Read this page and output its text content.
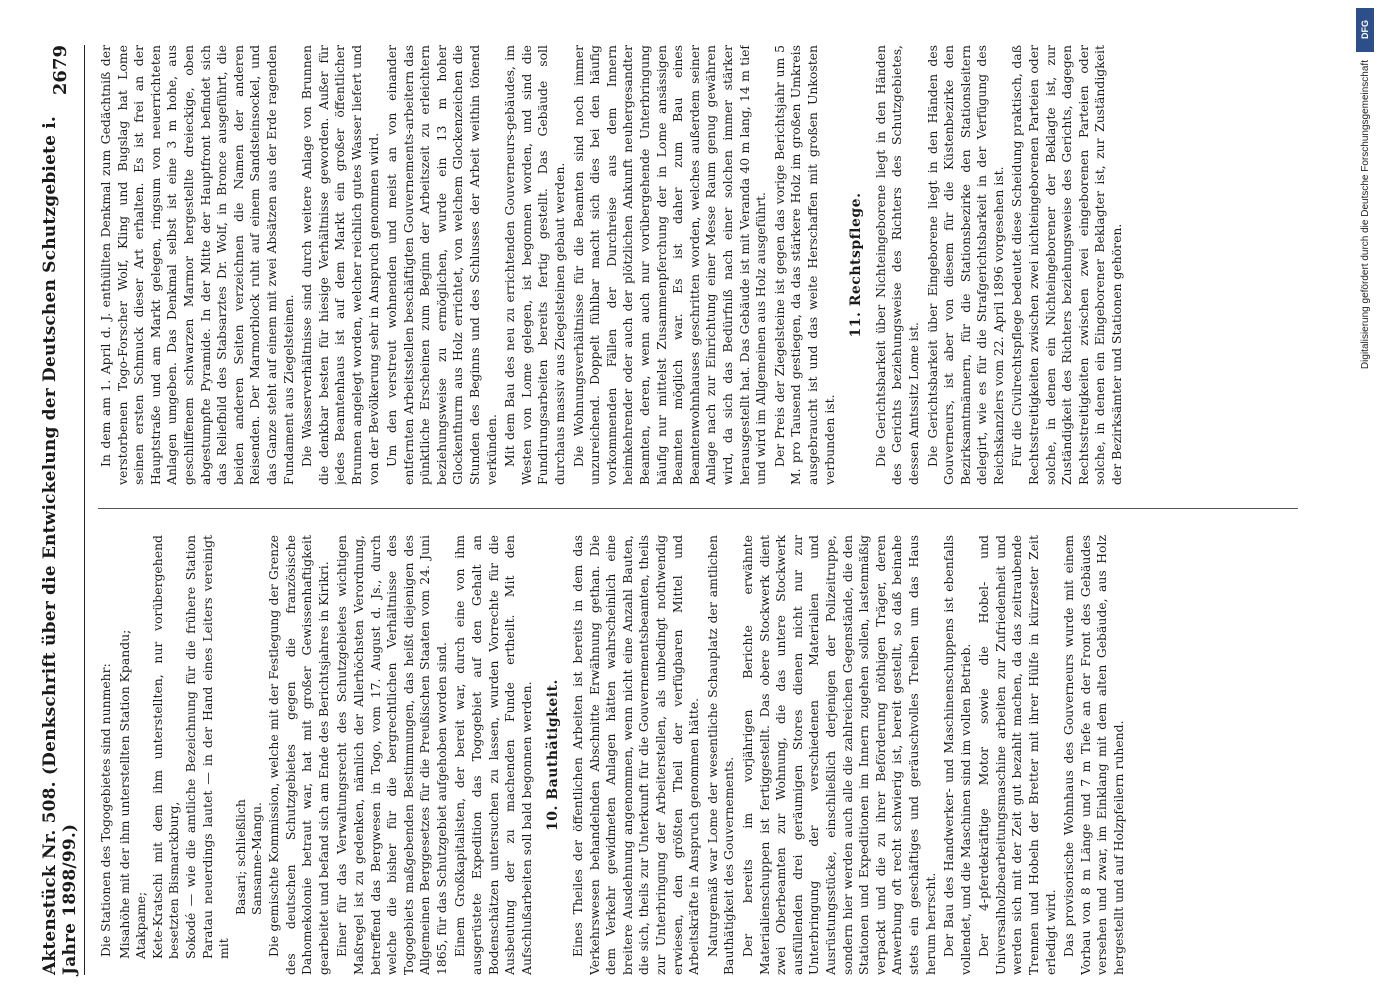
Aktenstück Nr. 508. (Denkschrift über die Entwickelung der Deutschen Schutzgebiete i. Jahre 1898/99.)
2679

Die Stationen des Togogebietes sind nunmehr: Misahöhe mit der ihm unterstellten Station Kpandu; Atakpame; Kete-Kratschi mit dem ihm unterstellten, nur vorübergehend besetzten Bismarckburg, Sokodé — wie die amtliche Bezeichnung für die frühere Station Paratau neuerdings lautet — in der Hand eines Leiters vereinigt mit

Basari; schließlich Sansanne-Mangu. Die gemischte Kommission, welche mit der Festlegung der Grenze des deutschen Schutzgebietes gegen die französische Dahomekolonie betraut war, hat mit großer Gewissenhaftigkeit gearbeitet und befand sich am Ende des Berichtsjahres in Kirikri. Einer für das Verwaltungsrecht des Schutzgebietes wichtigen Maßregel ist zu gedenken, nämlich der Allerhöchsten Verordnung, betreffend das Bergwesen in Togo, vom 17. August d. Js., durch welche die bisher für die bergrechtlichen Verhältnisse des Togogebiets maßgebenden Bestimmungen, das heißt diejenigen des Allgemeinen Berggesetzes für die Preußischen Staaten vom 24. Juni 1865, für das Schutzgebiet aufgehoben worden sind. Einem Großkapitalisten, der bereit war, durch eine von ihm ausgerüstete Expedition das Togogebiet auf den Gehalt an Bodenschätzen untersuchen zu lassen, wurden Vorrechte für die Ausbeutung der zu machenden Funde ertheilt. Mit den Aufschlußarbeiten soll bald begonnen werden. 10. Bauthätigkeit. Eines Theiles der öffentlichen Arbeiten ist bereits in dem das Verkehrswesen behandelnden Abschnitte Erwähnung gethan. Die dem Verkehr gewidmeten Anlagen hätten wahrscheinlich eine breitere Ausdehnung angenommen, wenn nicht eine Anzahl Bauten, die sich, theils zur Unterkunft für die Gouvernementsbeamten, theils zur Unterbringung der Arbeiterstellen, als unbedingt nothwendig erwiesen, den größten Theil der verfügbaren Mittel und Arbeitskräfte in Anspruch genommen hätte. Naturgemäß war Lome der wesentliche Schauplatz der amtlichen Bauthätigkeit des Gouvernements. Der bereits im vorjährigen Berichte erwähnte Materialienschuppen ist fertiggestellt. Das obere Stockwerk dient zwei Oberbeamten zur Wohnung, die das untere Stockwerk ausfüllenden drei geräumigen Stores dienen nicht nur zur Unterbringung der verschiedenen Materialien und Ausrüstungsstücke, einschließlich derjenigen der Polizeitruppe, sondern hier werden auch alle die zahlreichen Gegenstände, die den Stationen und Expeditionen im Innern zugehen sollen, lastenmäßig verpackt und die zu ihrer Beförderung nöthigen Träger, deren Anwerbung oft recht schwierig ist, bereit gestellt, so daß beinahe stets ein geschäftiges und geräuschvolles Treiben um das Haus herum herrscht. Der Bau des Handwerker- und Maschinenschuppens ist ebenfalls vollendet, und die Maschinen sind im vollen Betrieb. Der 4-pferdekräftige Motor sowie die Hobel- und Universalholzbearbeitungsmaschine arbeiten zur Zufriedenheit und werden sich mit der Zeit gut bezahlt machen, da das zeitraubende Trennen und Hobeln der Bretter mit ihrer Hülfe in kürzester Zeit erledigt wird. Das provisorische Wohnhaus des Gouverneurs wurde mit einem Vorbau von 8 m Länge und 7 m Tiefe an der Front des Gebäudes versehen und zwar, im Einklang mit dem alten Gebäude, aus Holz hergestellt und auf Holzpfeilern ruhend.

In dem am 1. April d. J. enthüllten Denkmal zum Gedächtniß der verstorbenen Togo-Forscher Wolf, Kling und Bugslag hat Lome seinen ersten Schmuck dieser Art erhalten. Es ist frei an der Hauptstraße und am Markt gelegen, ringsum von neuerrichteten Anlagen umgeben. Das Denkmal selbst ist eine 3 m hohe, aus geschliffenem schwarzen Marmor hergestellte dreieckige, oben abgestumpfte Pyramide. In der Mitte der Hauptfront befindet sich das Reliefbild des Stabsarztes Dr. Wolf, in Bronce ausgeführt, die beiden anderen Seiten verzeichnen die Namen der anderen Reisenden. Der Marmorblock ruht auf einem Sandsteinsockel, und das Ganze steht auf einem mit zwei Absätzen aus der Erde ragenden Fundament aus Ziegelsteinen. Die Wasserverhältnisse sind durch weitere Anlage von Brunnen die denkbar besten für hiesige Verhältnisse geworden. Außer für jedes Beamtenhaus ist auf dem Markt ein großer öffentlicher Brunnen angelegt worden, welcher reichlich gutes Wasser liefert und von der Bevölkerung sehr in Anspruch genommen wird. Um den verstreut wohnenden und meist an von einander entfernten Arbeitsstellen beschäftigten Gouvernements-arbeitern das pünktliche Erscheinen zum Beginn der Arbeitszeit zu erleichtern beziehungsweise zu ermöglichen, wurde ein 13 m hoher Glockenthurm aus Holz errichtet, von welchem Glockenzeichen die Stunden des Beginns und des Schlusses der Arbeit weithin tönend verkünden. Mit dem Bau des neu zu errichtenden Gouverneurs-gebäudes, im Westen von Lome gelegen, ist begonnen worden, und sind die Fundirungsarbeiten bereits fertig gestellt. Das Gebäude soll durchaus massiv aus Ziegelsteinen gebaut werden. Die Wohnungsverhältnisse für die Beamten sind noch immer unzureichend. Doppelt fühlbar macht sich dies bei den häufig vorkommenden Fällen der Durchreise aus dem Innern heimkehrender oder auch der plötzlichen Ankunft neuhergesandter Beamten, deren, wenn auch nur vorübergehende Unterbringung häufig nur mittelst Zusammenpferchung der in Lome ansässigen Beamten möglich war. Es ist daher zum Bau eines Beamtenwohnhauses geschritten worden, welches außerdem seiner Anlage nach zur Einrichtung einer Messe Raum genug gewähren wird, da sich das Bedürfniß nach einer solchen immer stärker herausgestellt hat. Das Gebäude ist mit Veranda 40 m lang, 14 m tief und wird im Allgemeinen aus Holz ausgeführt. Der Preis der Ziegelsteine ist gegen das vorige Berichtsjahr um 5 M. pro Tausend gestiegen, da das stärkere Holz im großen Umkreis ausgebraucht ist und das weite Herschaffen mit großen Unkosten verbunden ist.

11. Rechtspflege. Die Gerichtsbarkeit über Nichteingeborene liegt in den Händen des Gerichts beziehungsweise des Richters des Schutzgebietes, dessen Amtssitz Lome ist. Die Gerichtsbarkeit über Eingeborene liegt in den Händen des Gouverneurs, ist aber von diesem für die Küstenbezirke den Bezirksamtmännern, für die Stationsbezirke den Stationsleitern delegirt, wie es für die Strafgerichtsbarkeit in der Verfügung des Reichskanzlers vom 22. April 1896 vorgesehen ist. Für die Civilrechtspflege bedeutet diese Scheidung praktisch, daß Rechtsstreitigkeiten zwischen zwei nichteingeborenen Parteien oder solche, in denen ein Nichteingeborener der Beklagte ist, zur Zuständigkeit des Richters beziehungsweise des Gerichts, dagegen Rechtsstreitigkeiten zwischen zwei eingeborenen Parteien oder solche, in denen ein Eingeborener Beklagter ist, zur Zuständigkeit der Bezirksämter und Stationen gehören.

DFG
Digitalisierung gefördert durch die Deutsche Forschungsgemeinschaft
